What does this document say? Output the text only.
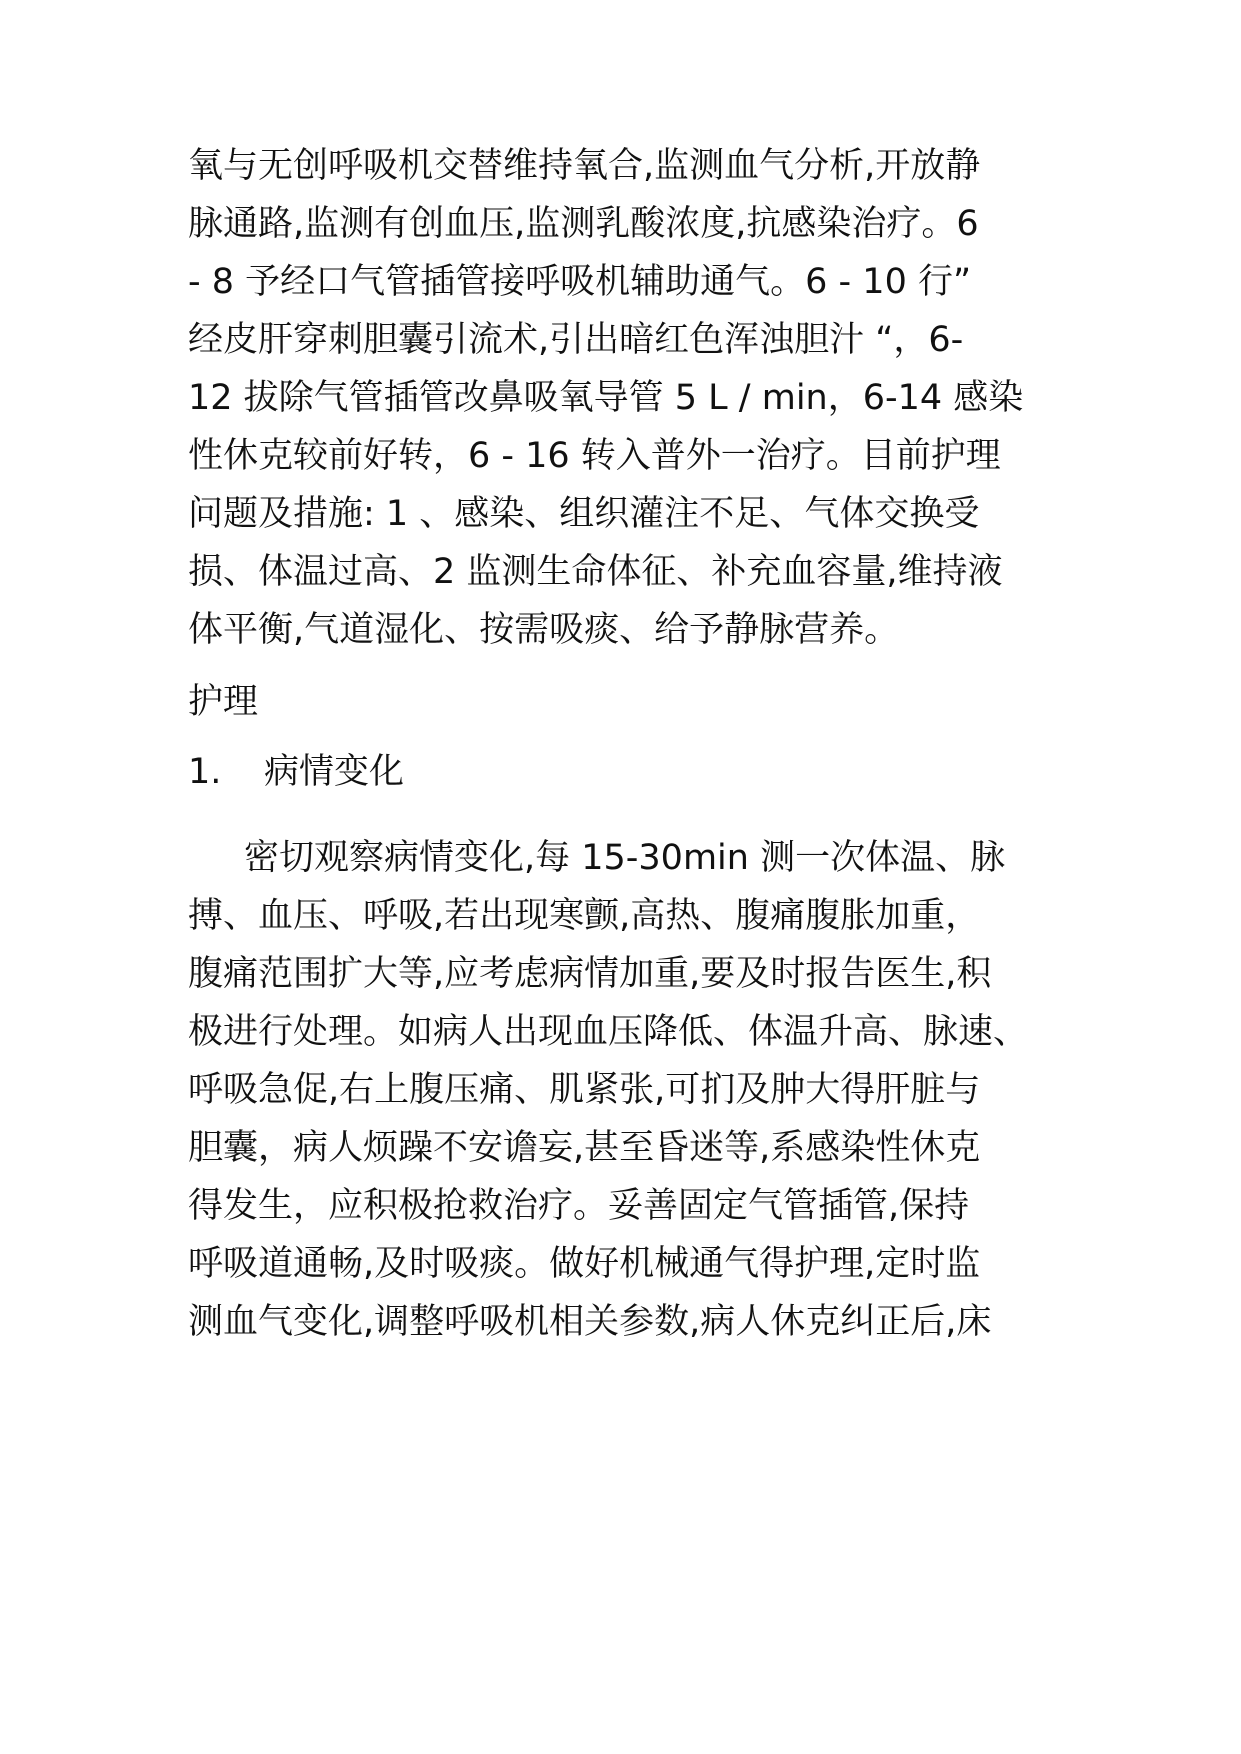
氧与无创呼吸机交替维持氧合,监测血气分析,开放静
脉通路,监测有创血压,监测乳酸浓度,抗感染治疗。6
- 8 予经口气管插管接呼吸机辅助通气。6 - 10 行”
经皮肝穿刺胆囊引流术,引出暗红色浑浊胆汁 “，6-
12 拔除气管插管改鼻吸氧导管 5 L / min，6-14 感染
性休克较前好转，6 - 16 转入普外一治疗。目前护理
问题及措施: 1 、感染、组织灌注不足、气体交换受
损、体温过高、2 监测生命体征、补充血容量,维持液
体平衡,气道湿化、按需吸痰、给予静脉营养。
护理
1. 病情变化
密切观察病情变化,每 15-30min 测一次体温、脉
搏、血压、呼吸,若出现寒颤,高热、腹痛腹胀加重，
腹痛范围扩大等,应考虑病情加重,要及时报告医生,积
极进行处理。如病人出现血压降低、体温升高、脉速、
呼吸急促,右上腹压痛、肌紧张,可扪及肿大得肝脏与
胆囊，病人烦躁不安谵妄,甚至昏迷等,系感染性休克
得发生，应积极抢救治疗。妥善固定气管插管,保持
呼吸道通畅,及时吸痰。做好机械通气得护理,定时监
测血气变化,调整呼吸机相关参数,病人休克纠正后,床
